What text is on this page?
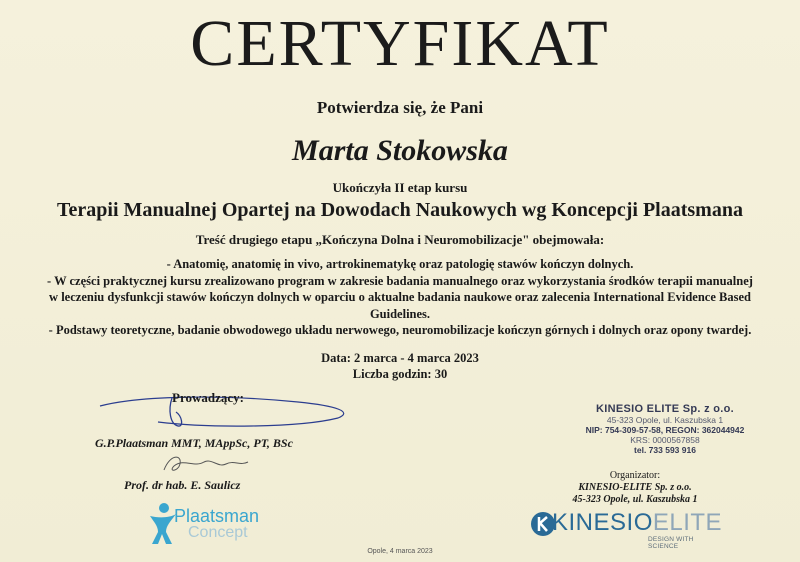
CERTYFIKAT
Potwierdza się, że Pani
Marta Stokowska
Ukończyła II etap kursu
Terapii Manualnej Opartej na Dowodach Naukowych wg Koncepcji Plaatsmana
Treść drugiego etapu „Kończyna Dolna i Neuromobilizacje" obejmowała:
- Anatomię, anatomię in vivo, artrokinematykę oraz patologię stawów kończyn dolnych.
- W części praktycznej kursu zrealizowano program w zakresie badania manualnego oraz wykorzystania środków terapii manualnej
w leczeniu dysfunkcji stawów kończyn dolnych w oparciu o aktualne badania naukowe oraz zalecenia International Evidence Based
Guidelines.
- Podstawy teoretyczne, badanie obwodowego układu nerwowego, neuromobilizacje kończyn górnych i dolnych oraz opony twardej.
Data: 2 marca - 4 marca 2023
Liczba godzin: 30
Prowadzący:
G.P.Plaatsman MMT, MAppSc, PT, BSc
Prof. dr hab. E. Saulicz
Plaatsman
Concept
KINESIO ELITE Sp. z o.o.
45-323 Opole, ul. Kaszubska 1
NIP: 754-309-57-58, REGON: 362044942
KRS: 0000567858
tel. 733 593 916
Organizator:
KINESIO-ELITE Sp. z o.o.
45-323 Opole, ul. Kaszubska 1
KINESIOELITE
DESIGN WITH SCIENCE
Opole, 4 marca 2023
